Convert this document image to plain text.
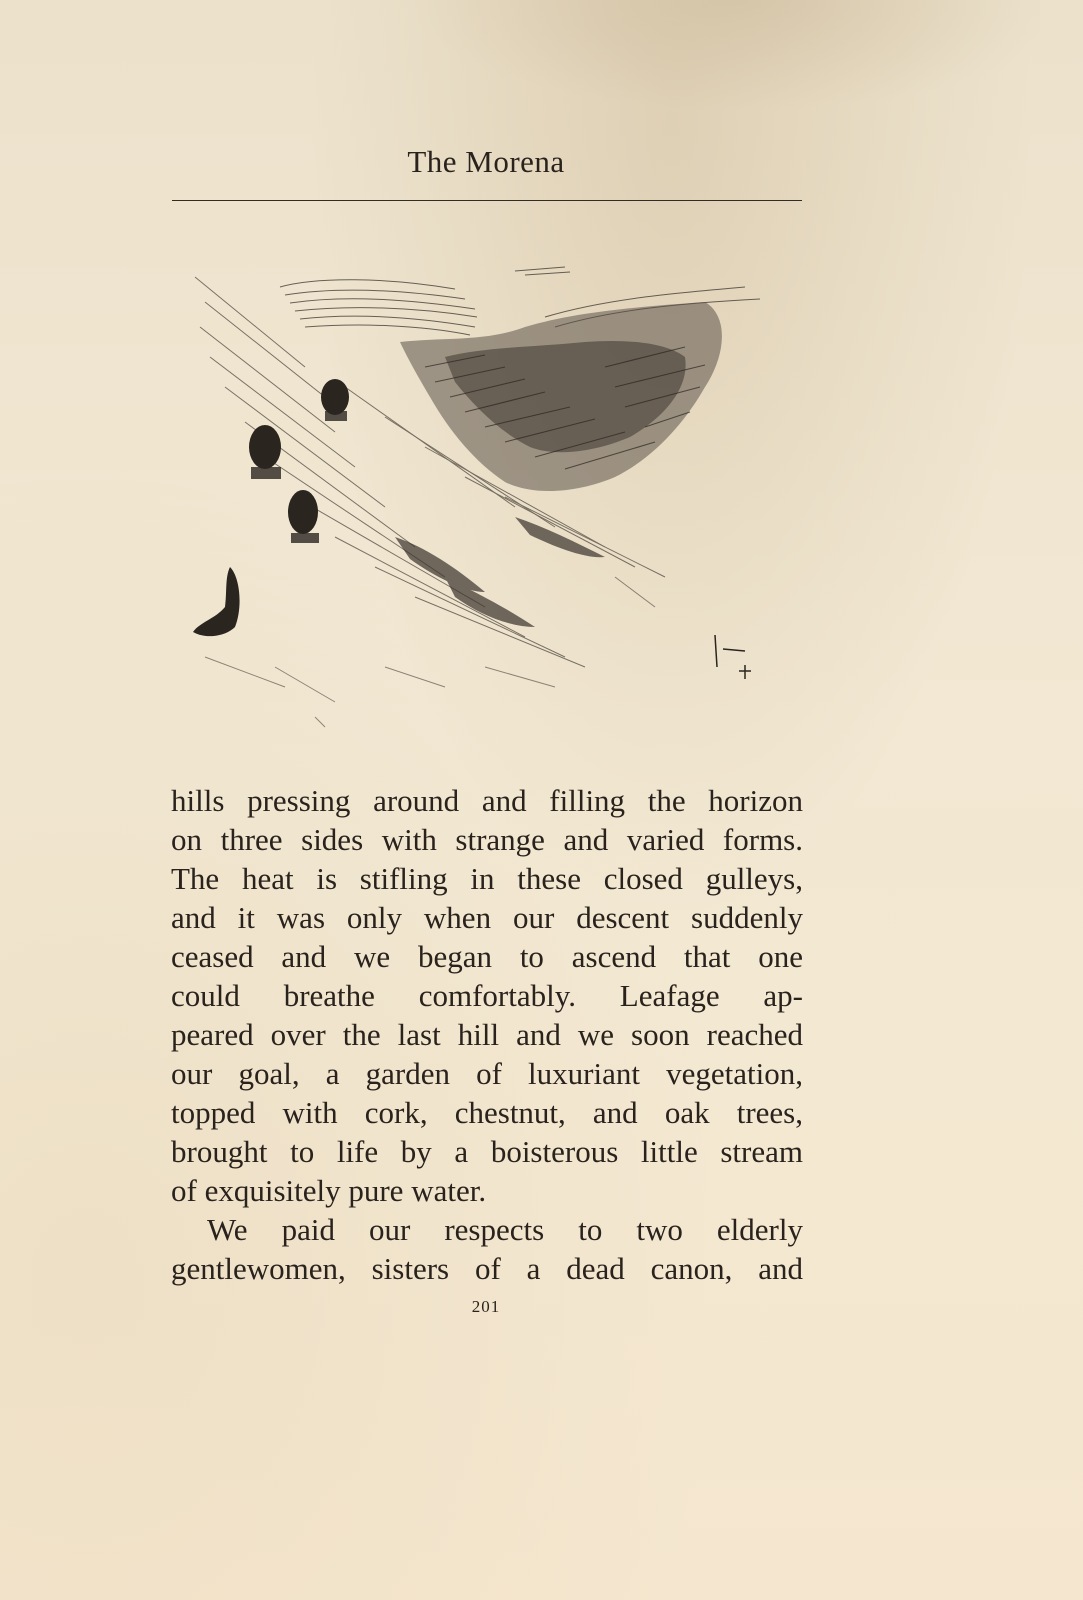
The Morena
hills pressing around and filling the horizon
on three sides with strange and varied forms.
The heat is stifling in these closed gulleys,
and it was only when our descent suddenly
ceased and we began to ascend that one
could breathe comfortably. Leafage ap-
peared over the last hill and we soon reached
our goal, a garden of luxuriant vegetation,
topped with cork, chestnut, and oak trees,
brought to life by a boisterous little stream
of exquisitely pure water.
We paid our respects to two elderly
gentlewomen, sisters of a dead canon, and
201
